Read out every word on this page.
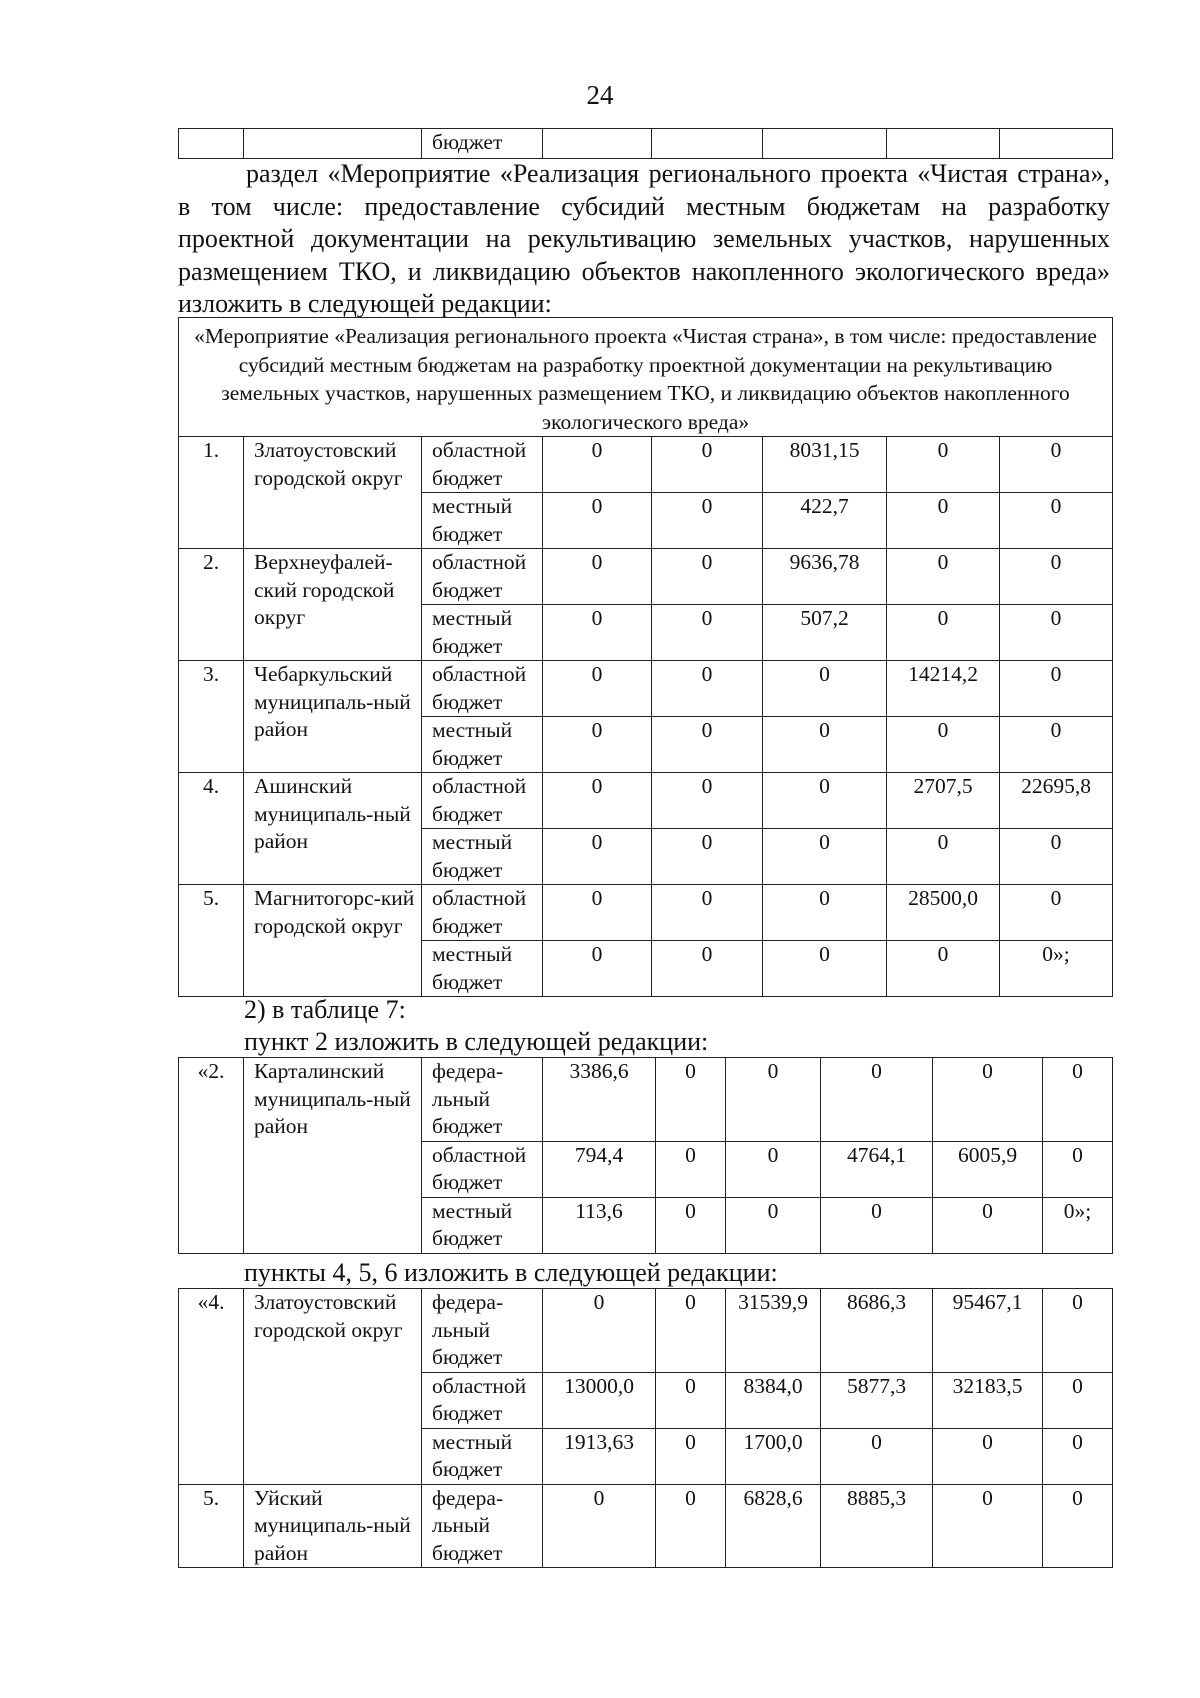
24
		бюджет					
раздел «Мероприятие «Реализация регионального проекта «Чистая страна», в том числе: предоставление субсидий местным бюджетам на разработку проектной документации на рекультивацию земельных участков, нарушенных размещением ТКО, и ликвидацию объектов накопленного экологического вреда» изложить в следующей редакции:
«Мероприятие «Реализация регионального проекта «Чистая страна», в том числе: предоставление субсидий местным бюджетам на разработку проектной документации на рекультивацию земельных участков, нарушенных размещением ТКО, и ликвидацию объектов накопленного экологического вреда»							
1.	Златоустовский городской округ	областной бюджет	0	0	8031,15	0	0
		местный бюджет	0	0	422,7	0	0
2.	Верхнеуфалей-ский городской округ	областной бюджет	0	0	9636,78	0	0
		местный бюджет	0	0	507,2	0	0
3.	Чебаркульский муниципаль-ный район	областной бюджет	0	0	0	14214,2	0
		местный бюджет	0	0	0	0	0
4.	Ашинский муниципаль-ный район	областной бюджет	0	0	0	2707,5	22695,8
		местный бюджет	0	0	0	0	0
5.	Магнитогорс-кий городской округ	областной бюджет	0	0	0	28500,0	0
		местный бюджет	0	0	0	0	0»;
2) в таблице 7:
пункт 2 изложить в следующей редакции:
«2.	Карталинский муниципаль-ный район	федера-льный бюджет	3386,6	0	0	0	0	0
		областной бюджет	794,4	0	0	4764,1	6005,9	0
		местный бюджет	113,6	0	0	0	0	0»;
пункты 4, 5, 6 изложить в следующей редакции:
«4.	Златоустовский городской округ	федера-льный бюджет	0	0	31539,9	8686,3	95467,1	0
		областной бюджет	13000,0	0	8384,0	5877,3	32183,5	0
		местный бюджет	1913,63	0	1700,0	0	0	0
5.	Уйский муниципаль-ный район	федера-льный бюджет	0	0	6828,6	8885,3	0	0
